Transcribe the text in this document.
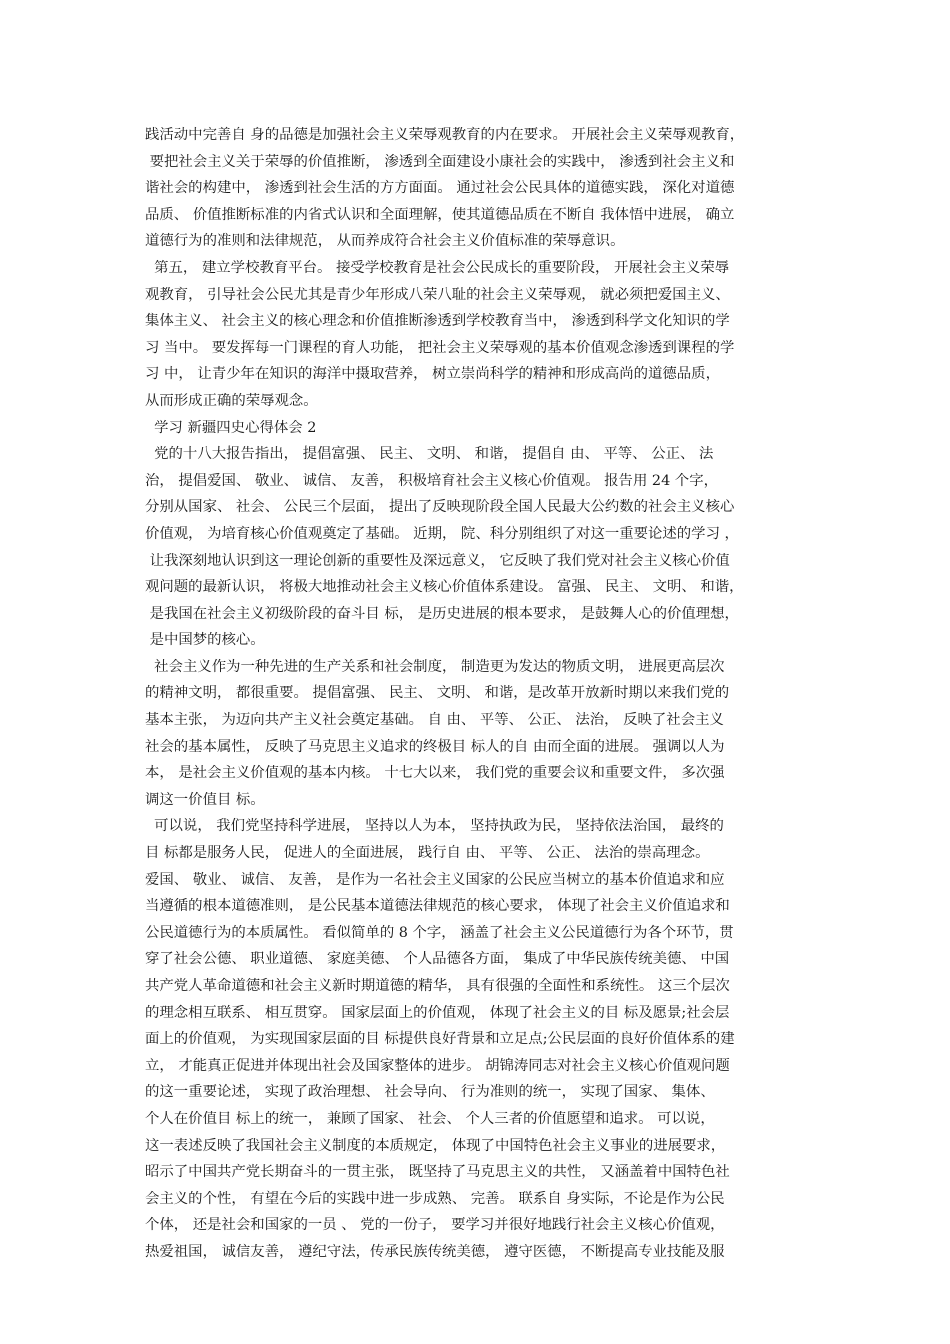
践活动中完善自 身的品德是加强社会主义荣辱观教育的内在要求。 开展社会主义荣辱观教育，
要把社会主义关于荣辱的价值推断， 渗透到全面建设小康社会的实践中， 渗透到社会主义和
谐社会的构建中， 渗透到社会生活的方方面面。 通过社会公民具体的道德实践， 深化对道德
品质、 价值推断标准的内省式认识和全面理解，使其道德品质在不断自 我体悟中进展， 确立
道德行为的准则和法律规范， 从而养成符合社会主义价值标准的荣辱意识。
第五， 建立学校教育平台。 接受学校教育是社会公民成长的重要阶段， 开展社会主义荣辱
观教育， 引导社会公民尤其是青少年形成八荣八耻的社会主义荣辱观， 就必须把爱国主义、
集体主义、 社会主义的核心理念和价值推断渗透到学校教育当中， 渗透到科学文化知识的学
习 当中。 要发挥每一门课程的育人功能， 把社会主义荣辱观的基本价值观念渗透到课程的学
习 中， 让青少年在知识的海洋中摄取营养， 树立崇尚科学的精神和形成高尚的道德品质，
从而形成正确的荣辱观念。
学习 新疆四史心得体会 2
党的十八大报告指出， 提倡富强、 民主、 文明、 和谐， 提倡自 由、 平等、 公正、 法
治， 提倡爱国、 敬业、 诚信、 友善， 积极培育社会主义核心价值观。 报告用 24 个字，
分别从国家、 社会、 公民三个层面， 提出了反映现阶段全国人民最大公约数的社会主义核心
价值观， 为培育核心价值观奠定了基础。 近期， 院、科分别组织了对这一重要论述的学习 ，
让我深刻地认识到这一理论创新的重要性及深远意义， 它反映了我们党对社会主义核心价值
观问题的最新认识， 将极大地推动社会主义核心价值体系建设。 富强、 民主、 文明、 和谐，
是我国在社会主义初级阶段的奋斗目 标， 是历史进展的根本要求， 是鼓舞人心的价值理想，
是中国梦的核心。
社会主义作为一种先进的生产关系和社会制度， 制造更为发达的物质文明， 进展更高层次
的精神文明， 都很重要。 提倡富强、 民主、 文明、 和谐，是改革开放新时期以来我们党的
基本主张， 为迈向共产主义社会奠定基础。 自 由、 平等、 公正、 法治， 反映了社会主义
社会的基本属性， 反映了马克思主义追求的终极目 标人的自 由而全面的进展。 强调以人为
本， 是社会主义价值观的基本内核。 十七大以来， 我们党的重要会议和重要文件， 多次强
调这一价值目 标。
可以说， 我们党坚持科学进展， 坚持以人为本， 坚持执政为民， 坚持依法治国， 最终的
目 标都是服务人民， 促进人的全面进展， 践行自 由、 平等、 公正、 法治的崇高理念。
爱国、 敬业、 诚信、 友善， 是作为一名社会主义国家的公民应当树立的基本价值追求和应
当遵循的根本道德准则， 是公民基本道德法律规范的核心要求， 体现了社会主义价值追求和
公民道德行为的本质属性。 看似简单的 8 个字， 涵盖了社会主义公民道德行为各个环节，贯
穿了社会公德、 职业道德、 家庭美德、 个人品德各方面， 集成了中华民族传统美德、 中国
共产党人革命道德和社会主义新时期道德的精华， 具有很强的全面性和系统性。 这三个层次
的理念相互联系、 相互贯穿。 国家层面上的价值观， 体现了社会主义的目 标及愿景;社会层
面上的价值观， 为实现国家层面的目 标提供良好背景和立足点;公民层面的良好价值体系的建
立， 才能真正促进并体现出社会及国家整体的进步。 胡锦涛同志对社会主义核心价值观问题
的这一重要论述， 实现了政治理想、 社会导向、 行为准则的统一， 实现了国家、 集体、
个人在价值目 标上的统一， 兼顾了国家、 社会、 个人三者的价值愿望和追求。 可以说，
这一表述反映了我国社会主义制度的本质规定， 体现了中国特色社会主义事业的进展要求，
昭示了中国共产党长期奋斗的一贯主张， 既坚持了马克思主义的共性， 又涵盖着中国特色社
会主义的个性， 有望在今后的实践中进一步成熟、 完善。 联系自 身实际，不论是作为公民
个体， 还是社会和国家的一员 、 党的一份子， 要学习并很好地践行社会主义核心价值观，
热爱祖国， 诚信友善， 遵纪守法，传承民族传统美德， 遵守医德， 不断提高专业技能及服
